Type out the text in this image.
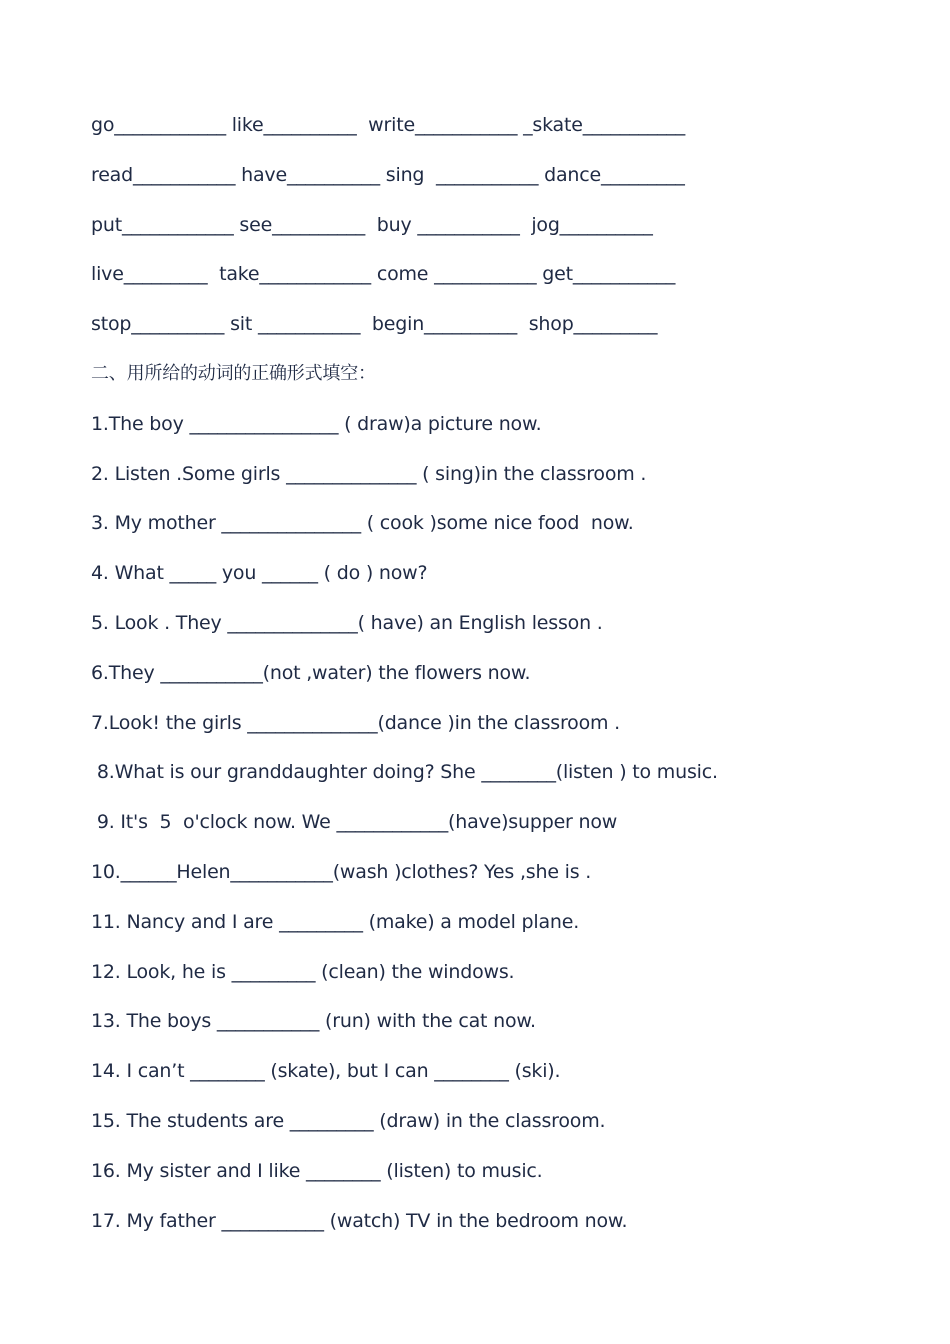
go____________ like__________  write___________ _skate___________
read___________ have__________ sing  ___________ dance_________
put____________ see__________  buy ___________  jog__________
live_________  take____________ come ___________ get___________
stop__________ sit ___________  begin__________  shop_________
二、用所给的动词的正确形式填空：
1.The boy ________________ ( draw)a picture now.
2. Listen .Some girls ______________ ( sing)in the classroom .
3. My mother _______________ ( cook )some nice food  now.
4. What _____ you ______ ( do ) now?
5. Look . They ______________( have) an English lesson .
6.They ___________(not ,water) the flowers now.
7.Look! the girls ______________(dance )in the classroom .
8.What is our granddaughter doing? She ________(listen ) to music.
9. It's  5  o'clock now. We ____________(have)supper now
10.______Helen___________(wash )clothes? Yes ,she is .
11. Nancy and I are _________ (make) a model plane.
12. Look, he is _________ (clean) the windows.
13. The boys ___________ (run) with the cat now.
14. I can’t ________ (skate), but I can ________ (ski).
15. The students are _________ (draw) in the classroom.
16. My sister and I like ________ (listen) to music.
17. My father ___________ (watch) TV in the bedroom now.
